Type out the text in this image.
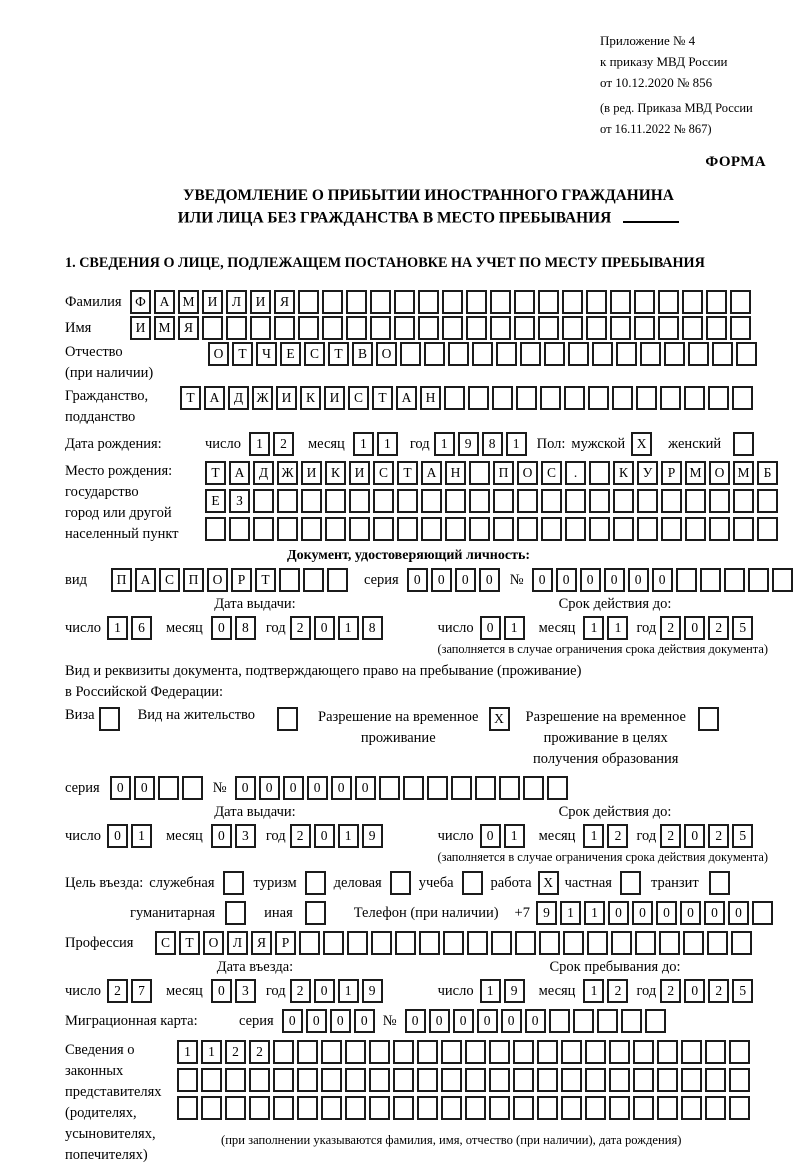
Приложение № 4
к приказу МВД России
от 10.12.2020 № 856
(в ред. Приказа МВД России
от 16.11.2022 № 867)
ФОРМА
УВЕДОМЛЕНИЕ О ПРИБЫТИИ ИНОСТРАННОГО ГРАЖДАНИНА
ИЛИ ЛИЦА БЕЗ ГРАЖДАНСТВА В МЕСТО ПРЕБЫВАНИЯ
1. СВЕДЕНИЯ О ЛИЦЕ, ПОДЛЕЖАЩЕМ ПОСТАНОВКЕ НА УЧЕТ ПО МЕСТУ ПРЕБЫВАНИЯ
Фамилия	Ф	А М И	Л	И	Я
Имя	И М Я
Отчество
(при наличии)
О	Т	Ч	Е	С	Т	В	О
Гражданство,
подданство
Т	А	Д Ж И	К	И	С	Т	А	Н
Дата рождения:	число	1	2	месяц	1	1	год 1	9	8	1	Пол: мужской X	женский
Место рождения:
государство
город или другой
населенный пункт
Т	А	Д Ж И	К	И	С	Т	А	Н	П	О	С	.	К	У	Р	М О М	Б
Е	З
Документ, удостоверяющий личность:
вид	П	А	С	П	О	Р	Т	серия	0	0	0	0	№	0	0	0	0	0	0
Дата выдачи:	Срок действия до:
число 1	6	месяц	0	8	год 2	0	1	8	число 0	1	месяц	1	1	год 2	0	2	5
(заполняется в случае ограничения срока действия документа)
Вид и реквизиты документа, подтверждающего право на пребывание (проживание)
в Российской Федерации:
Виза	Вид на жительство	Разрешение на временное
проживание
X	Разрешение на временное
проживание в целях
получения образования
серия	0	0	№	0	0	0	0	0	0
Дата выдачи:	Срок действия до:
число 0	1	месяц	0	3	год 2	0	1	9	число 0	1	месяц	1	2	год 2	0	2	5
(заполняется в случае ограничения срока действия документа)
Цель въезда: служебная	туризм	деловая	учеба	работа X частная	транзит
гуманитарная	иная	Телефон (при наличии) +7 9	1	1	0	0	0	0	0	0
Профессия	С	Т	О	Л	Я	Р
Дата въезда:	Срок пребывания до:
число 2	7	месяц	0	3	год 2	0	1	9	число 1	9	месяц	1	2	год 2	0	2	5
Миграционная карта:	серия	0	0	0	0	№	0	0	0	0	0	0
Сведения о
законных
представителях
(родителях,
усыновителях,
попечителях)
1	1	2	2
(при заполнении указываются фамилия, имя, отчество (при наличии), дата рождения)
